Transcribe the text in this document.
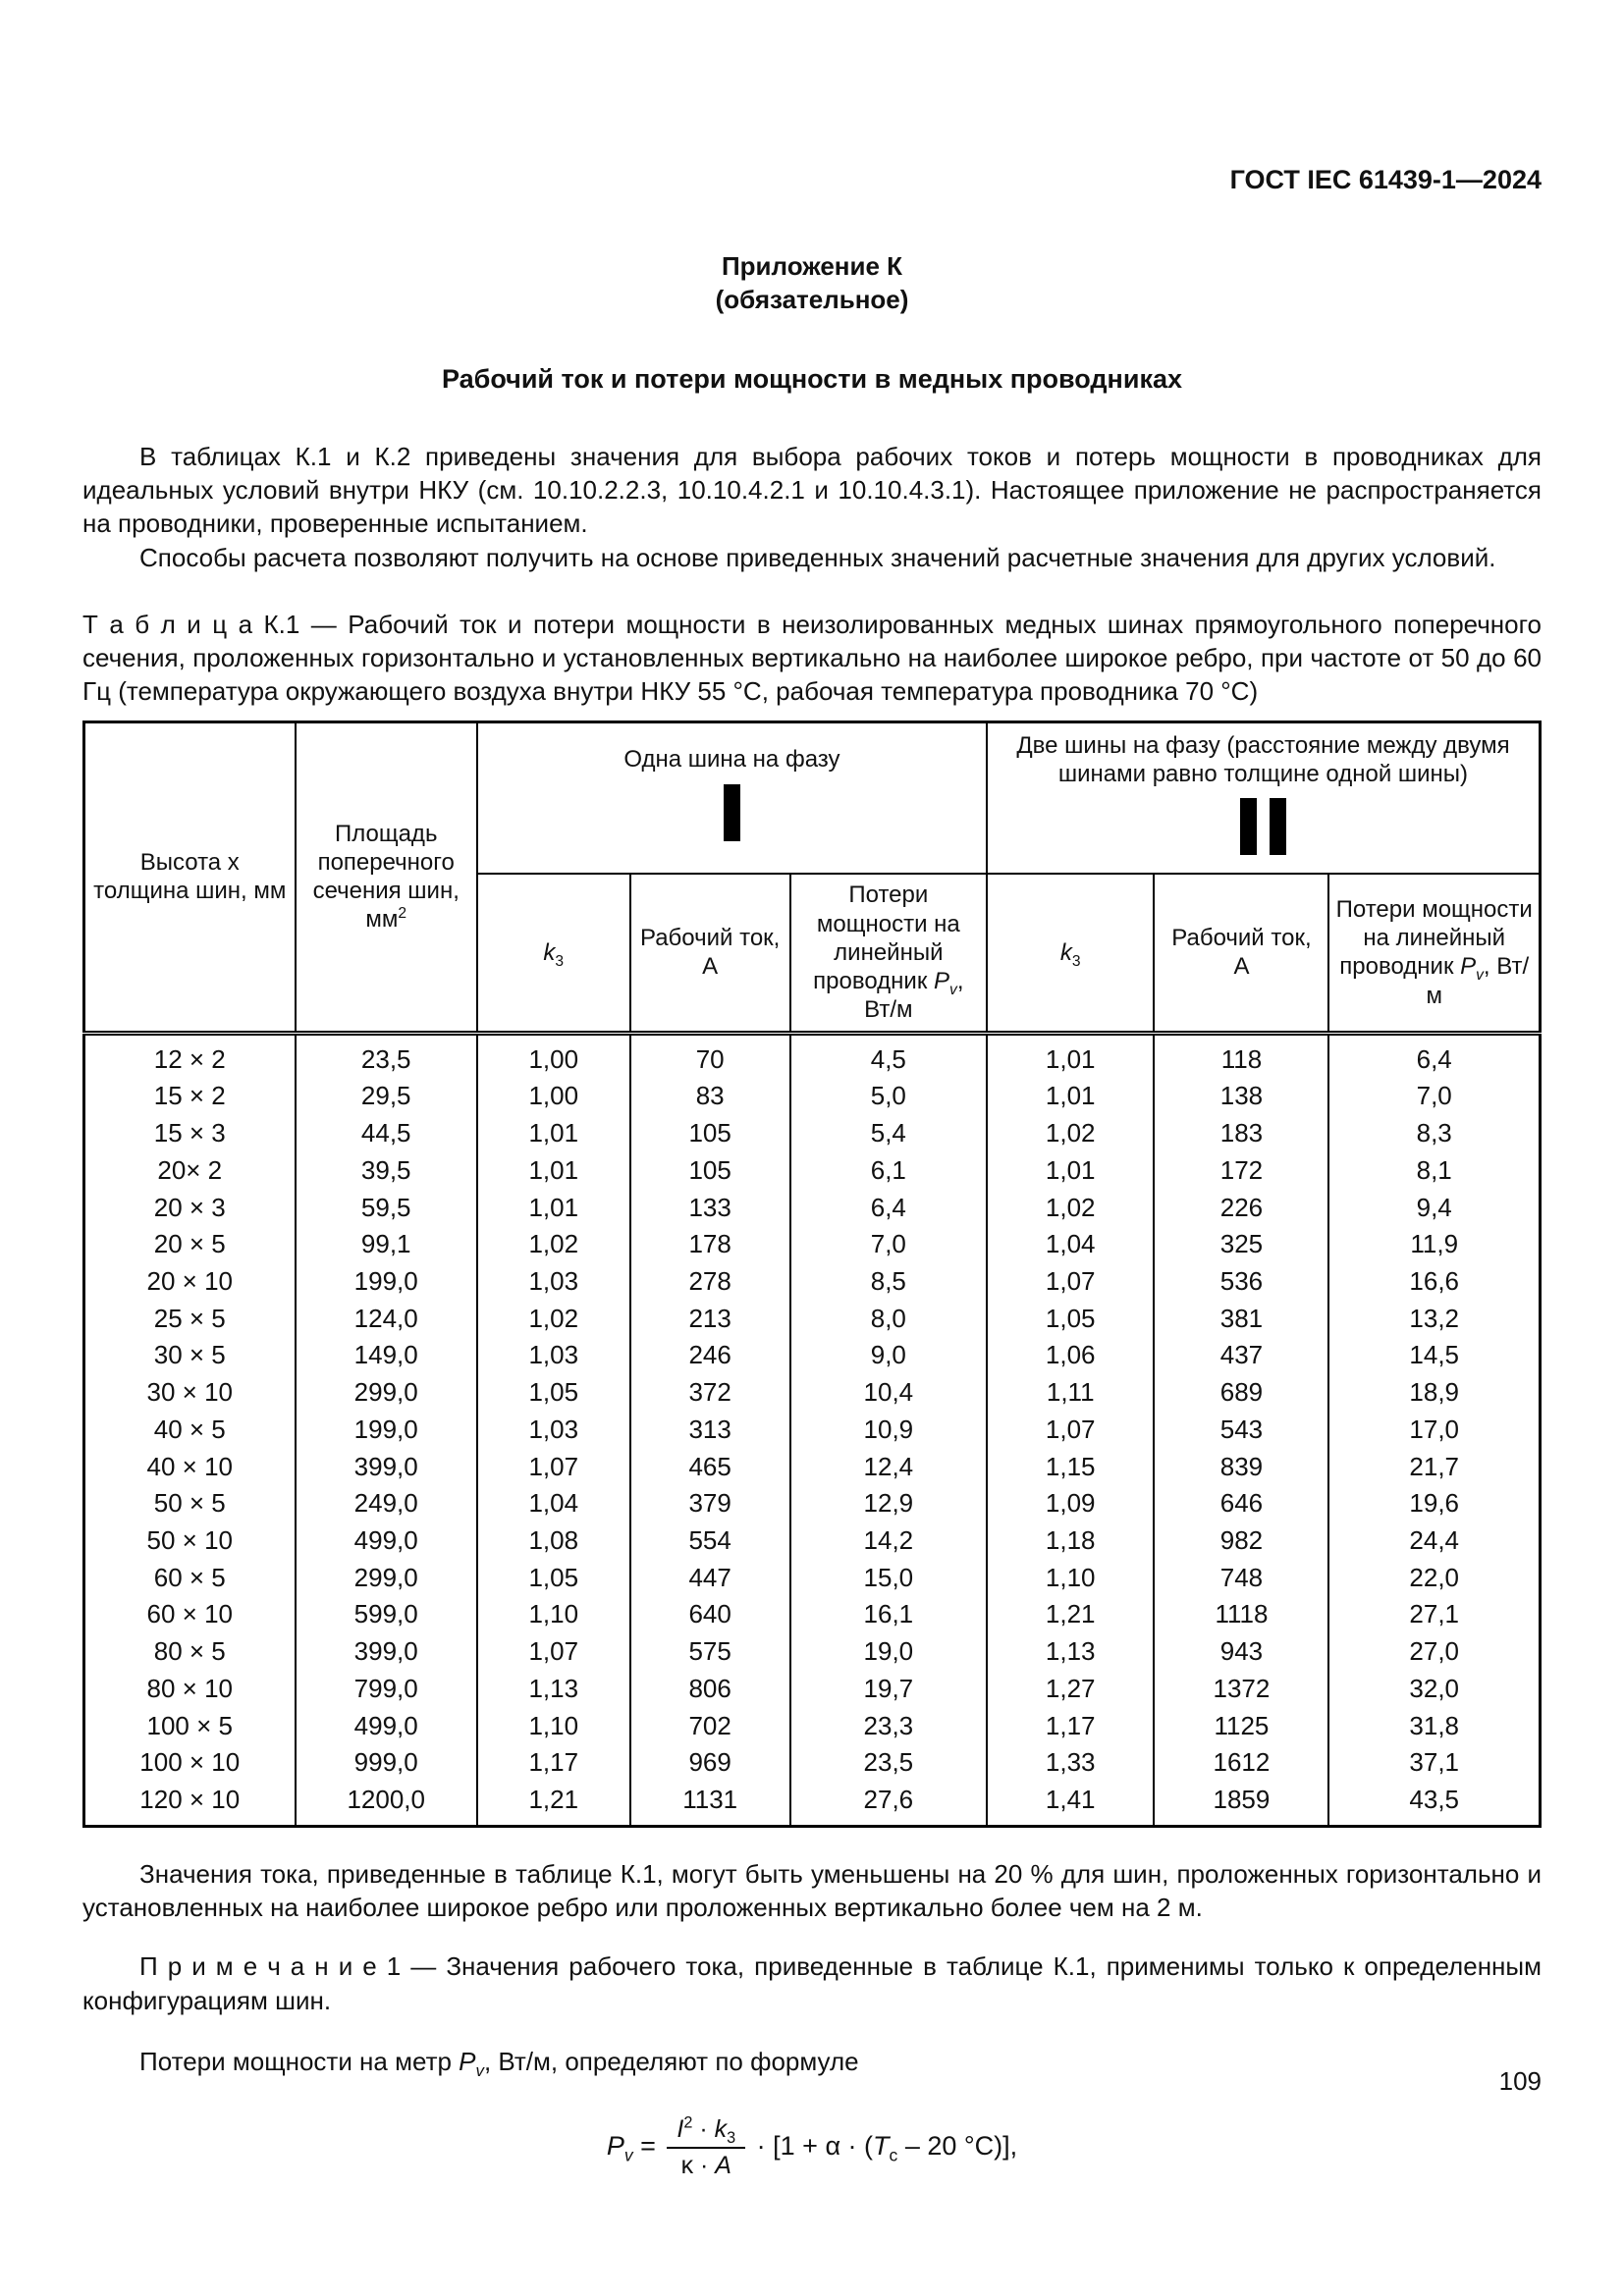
ГОСТ IEC 61439-1—2024
Приложение К
(обязательное)
Рабочий ток и потери мощности в медных проводниках

В таблицах К.1 и К.2 приведены значения для выбора рабочих токов и потерь мощности в проводниках для идеальных условий внутри НКУ (см. 10.10.2.2.3, 10.10.4.2.1 и 10.10.4.3.1). Настоящее приложение не распространяется на проводники, проверенные испытанием.

Способы расчета позволяют получить на основе приведенных значений расчетные значения для других условий.

Т а б л и ц а К.1 — Рабочий ток и потери мощности в неизолированных медных шинах прямоугольного поперечного сечения, проложенных горизонтально и установленных вертикально на наиболее широкое ребро, при частоте от 50 до 60 Гц (температура окружающего воздуха внутри НКУ 55 °С, рабочая температура проводника 70 °С)

Высота х толщина шин, мм	Площадь поперечного сечения шин, $мм^2$	Одна шина на фазу			Две шины на фазу (расстояние между двумя шинами равно толщине одной шины)		

		$k_3$	Рабочий ток, А	Потери мощности на линейный проводник $P_v$, Вт/м	$k_3$	Рабочий ток, А	Потери мощности на линейный проводник $P_v$, Вт/м
12 × 2	23,5	1,00	70	4,5	1,01	118	6,4
15 × 2	29,5	1,00	83	5,0	1,01	138	7,0
15 × 3	44,5	1,01	105	5,4	1,02	183	8,3
20× 2	39,5	1,01	105	6,1	1,01	172	8,1
20 × 3	59,5	1,01	133	6,4	1,02	226	9,4
20 × 5	99,1	1,02	178	7,0	1,04	325	11,9
20 × 10	199,0	1,03	278	8,5	1,07	536	16,6
25 × 5	124,0	1,02	213	8,0	1,05	381	13,2
30 × 5	149,0	1,03	246	9,0	1,06	437	14,5
30 × 10	299,0	1,05	372	10,4	1,11	689	18,9
40 × 5	199,0	1,03	313	10,9	1,07	543	17,0
40 × 10	399,0	1,07	465	12,4	1,15	839	21,7
50 × 5	249,0	1,04	379	12,9	1,09	646	19,6
50 × 10	499,0	1,08	554	14,2	1,18	982	24,4
60 × 5	299,0	1,05	447	15,0	1,10	748	22,0
60 × 10	599,0	1,10	640	16,1	1,21	1118	27,1
80 × 5	399,0	1,07	575	19,0	1,13	943	27,0
80 × 10	799,0	1,13	806	19,7	1,27	1372	32,0
100 × 5	499,0	1,10	702	23,3	1,17	1125	31,8
100 × 10	999,0	1,17	969	23,5	1,33	1612	37,1
120 × 10	1200,0	1,21	1131	27,6	1,41	1859	43,5

Значения тока, приведенные в таблице К.1, могут быть уменьшены на 20 % для шин, проложенных горизонтально и установленных на наиболее широкое ребро или проложенных вертикально более чем на 2 м.

П р и м е ч а н и е 1 — Значения рабочего тока, приведенные в таблице К.1, применимы только к определенным конфигурациям шин.

Потери мощности на метр $P_v$, Вт/м, определяют по формуле

$P_v = \frac{I^2 \cdot k_3}{\kappa \cdot A} \cdot [1 + \alpha \cdot (T_с - 20$ °C)],
109
